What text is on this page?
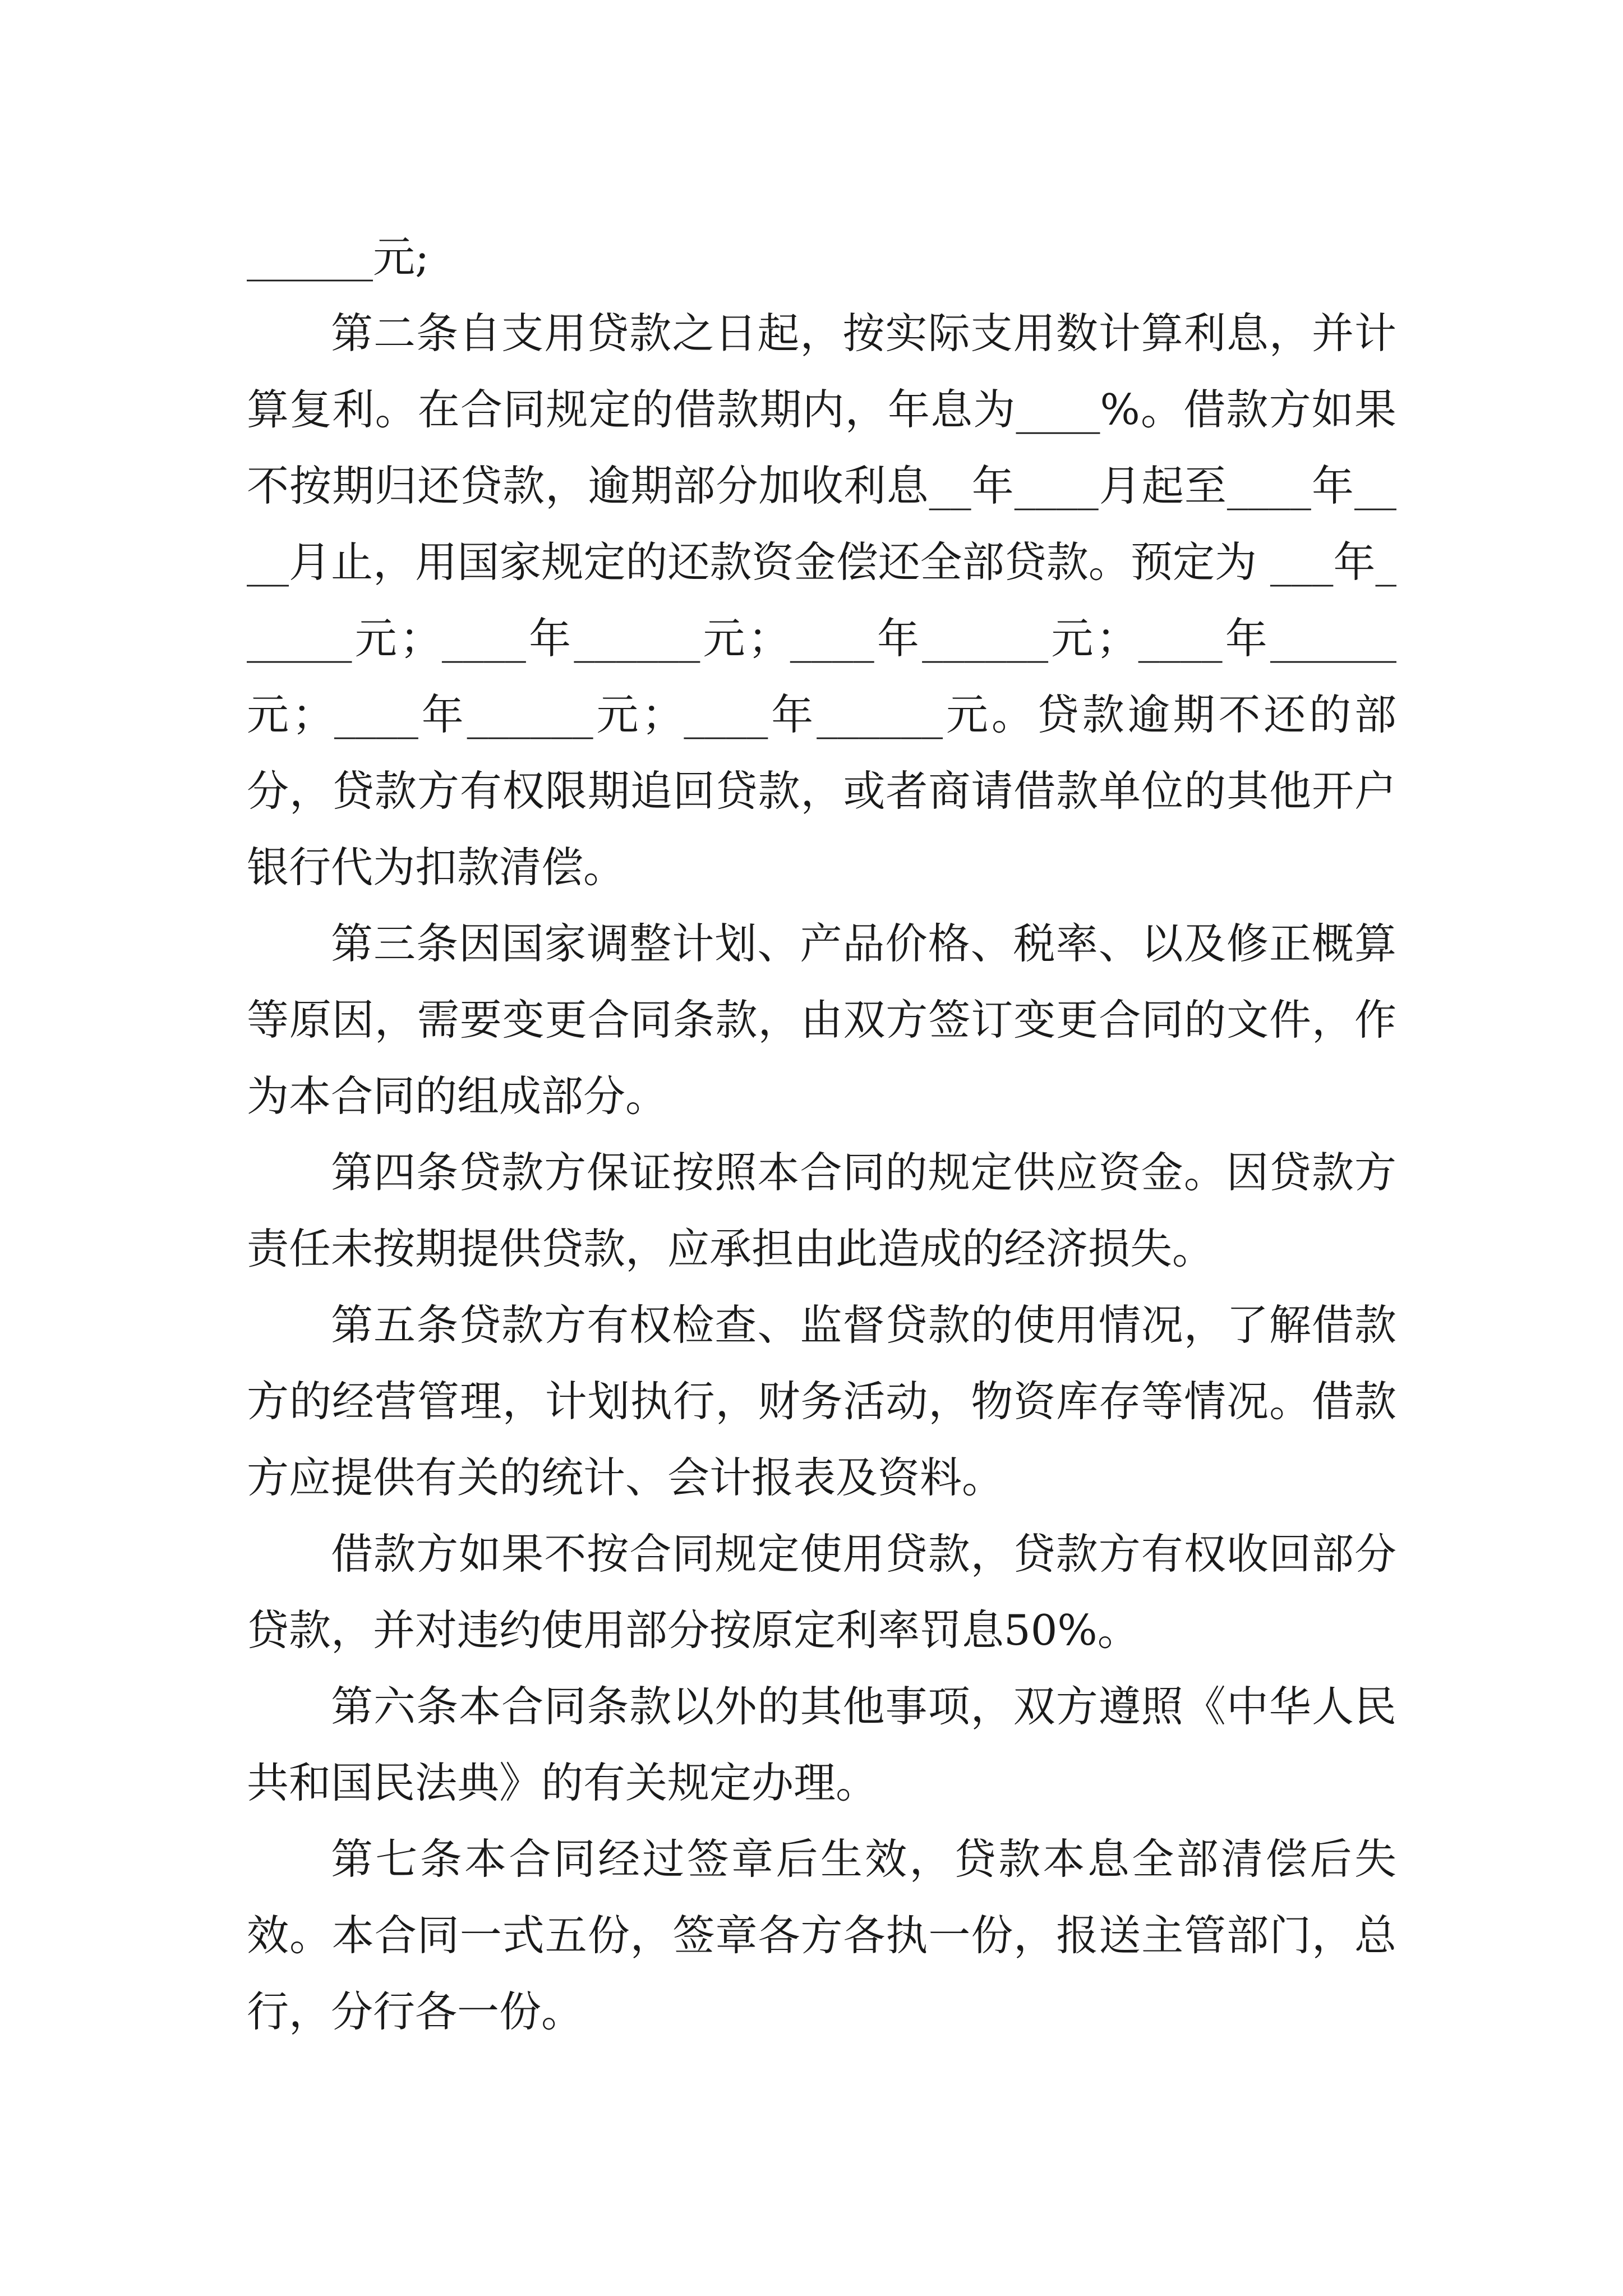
______元;

第二条自支用贷款之日起，按实际支用数计算利息，并计算复利。在合同规定的借款期内，年息为____%。借款方如果不按期归还贷款，逾期部分加收利息__年____月起至____年____月止，用国家规定的还款资金偿还全部贷款。预定为 ___年______元；____年______元；____年______元；____年______元；____年______元；____年______元。贷款逾期不还的部分，贷款方有权限期追回贷款，或者商请借款单位的其他开户银行代为扣款清偿。

第三条因国家调整计划、产品价格、税率、以及修正概算等原因，需要变更合同条款，由双方签订变更合同的文件，作为本合同的组成部分。

第四条贷款方保证按照本合同的规定供应资金。因贷款方责任未按期提供贷款，应承担由此造成的经济损失。

第五条贷款方有权检查、监督贷款的使用情况，了解借款方的经营管理，计划执行，财务活动，物资库存等情况。借款方应提供有关的统计、会计报表及资料。

借款方如果不按合同规定使用贷款，贷款方有权收回部分贷款，并对违约使用部分按原定利率罚息50%。

第六条本合同条款以外的其他事项，双方遵照《中华人民共和国民法典》的有关规定办理。

第七条本合同经过签章后生效，贷款本息全部清偿后失效。本合同一式五份，签章各方各执一份，报送主管部门，总行，分行各一份。
